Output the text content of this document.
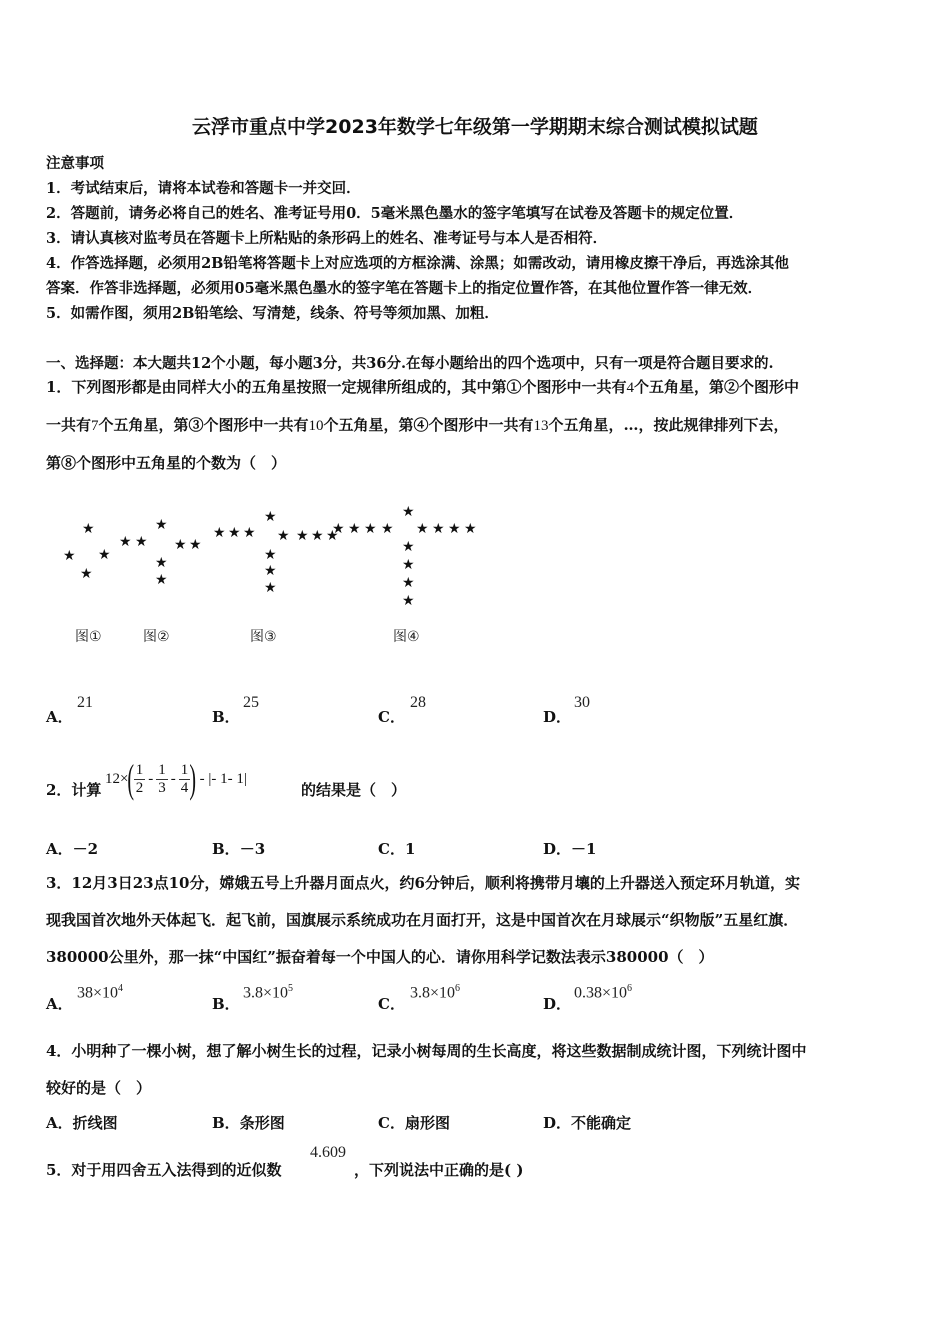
云浮市重点中学2023年数学七年级第一学期期末综合测试模拟试题
注意事项
1．考试结束后，请将本试卷和答题卡一并交回．
2．答题前，请务必将自己的姓名、准考证号用0．5毫米黑色墨水的签字笔填写在试卷及答题卡的规定位置．
3．请认真核对监考员在答题卡上所粘贴的条形码上的姓名、准考证号与本人是否相符．
4．作答选择题，必须用2B铅笔将答题卡上对应选项的方框涂满、涂黑；如需改动，请用橡皮擦干净后，再选涂其他
答案．作答非选择题，必须用05毫米黑色墨水的签字笔在答题卡上的指定位置作答，在其他位置作答一律无效．
5．如需作图，须用2B铅笔绘、写清楚，线条、符号等须加黑、加粗．
一、选择题：本大题共12个小题，每小题3分，共36分.在每小题给出的四个选项中，只有一项是符合题目要求的.
1．下列图形都是由同样大小的五角星按照一定规律所组成的，其中第①个图形中一共有4个五角星，第②个图形中
一共有7个五角星，第③个图形中一共有10个五角星，第④个图形中一共有13个五角星，…，按此规律排列下去，
第⑧个图形中五角星的个数为（　）
★
★ ★
★
★ ★
★
★
★
★ ★
★ ★ ★
★
★
★
★
★ ★ ★ ★
★ ★ ★ ★
★
★
★
★
★
★ ★ ★ ★
图①	图②	图③	图④
A．
21
B．
25
C．
28
D．
30
2．计算
12× ( $\frac{1}{2} - \frac{1}{3} - \frac{1}{4}$ ) - |- 1- 1|
的结果是（　）
A．－2	B．－3	C．1	D．－1
3．12月3日23点10分，嫦娥五号上升器月面点火，约6分钟后，顺利将携带月壤的上升器送入预定环月轨道，实
现我国首次地外天体起飞．起飞前，国旗展示系统成功在月面打开，这是中国首次在月球展示“织物版”五星红旗．
380000公里外，那一抹“中国红”振奋着每一个中国人的心．请你用科学记数法表示380000（　）
A．
$38\times 10^4$
B．
$3.8\times 10^5$
C．
$3.8\times 10^6$
D．
$0.38\times 10^6$
4．小明种了一棵小树，想了解小树生长的过程，记录小树每周的生长高度，将这些数据制成统计图，下列统计图中
较好的是（　）
A．折线图	B．条形图	C．扇形图	D．不能确定
5．对于用四舍五入法得到的近似数
4.609
，下列说法中正确的是( )
